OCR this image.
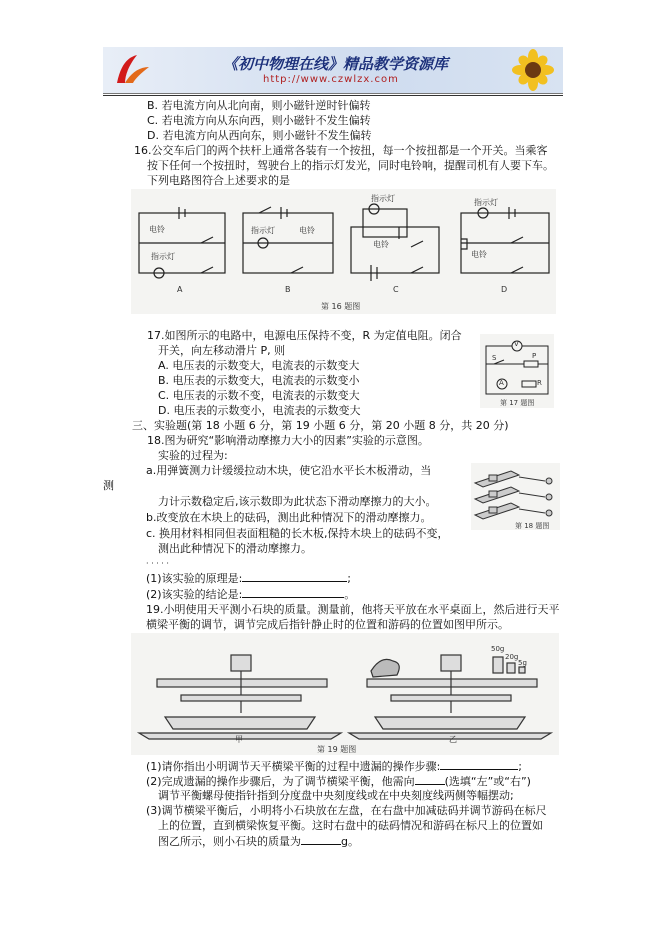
《初中物理在线》精品教学资源库
http://www.czwlzx.com
B. 若电流方向从北向南，则小磁针逆时针偏转
C. 若电流方向从东向西，则小磁针不发生偏转
D. 若电流方向从西向东，则小磁针不发生偏转
16.公交车后门的两个扶杆上通常各装有一个按扭，每一个按扭都是一个开关。当乘客
按下任何一个按扭时，驾驶台上的指示灯发光，同时电铃响，提醒司机有人要下车。
下列电路图符合上述要求的是
指示灯
电铃	指示灯	电铃
指示灯
电铃
指示灯
电铃
A	B	C	D
第 16 题图
17.如图所示的电路中，电源电压保持不变，R 为定值电阻。闭合
开关，向左移动滑片 P, 则
A. 电压表的示数变大，电流表的示数变大
B. 电压表的示数变大，电流表的示数变小
C. 电压表的示数不变，电流表的示数变大
D. 电压表的示数变小，电流表的示数变大
V
S	P
A	R
第 17 题图
三、实验题(第 18 小题 6 分，第 19 小题 6 分，第 20 小题 8 分，共 20 分)
18.图为研究“影响滑动摩擦力大小的因素”实验的示意图。
实验的过程为:
a.用弹簧测力计缓缓拉动木块，使它沿水平长木板滑动，当
测
力计示数稳定后,该示数即为此状态下滑动摩擦力的大小。
b.改变放在木块上的砝码，测出此种情况下的滑动摩擦力。
c. 换用材料相同但表面粗糙的长木板,保持木块上的砝码不变，
测出此种情况下的滑动摩擦力。
· · · · ·
(1)该实验的原理是:	;
(2)该实验的结论是:	。
第 18 题图
19.小明使用天平测小石块的质量。测量前，他将天平放在水平桌面上，然后进行天平
横梁平衡的调节，调节完成后指针静止时的位置和游码的位置如图甲所示。
50g
20g
5g
甲	乙
第 19 题图
(1)请你指出小明调节天平横梁平衡的过程中遗漏的操作步骤:	;
(2)完成遗漏的操作步骤后，为了调节横梁平衡，他需向	(选填“左”或“右”)
调节平衡螺母使指针指到分度盘中央刻度线或在中央刻度线两侧等幅摆动;
(3)调节横梁平衡后，小明将小石块放在左盘，在右盘中加减砝码并调节游码在标尺
上的位置，直到横梁恢复平衡。这时右盘中的砝码情况和游码在标尺上的位置如
图乙所示，则小石块的质量为	g。
